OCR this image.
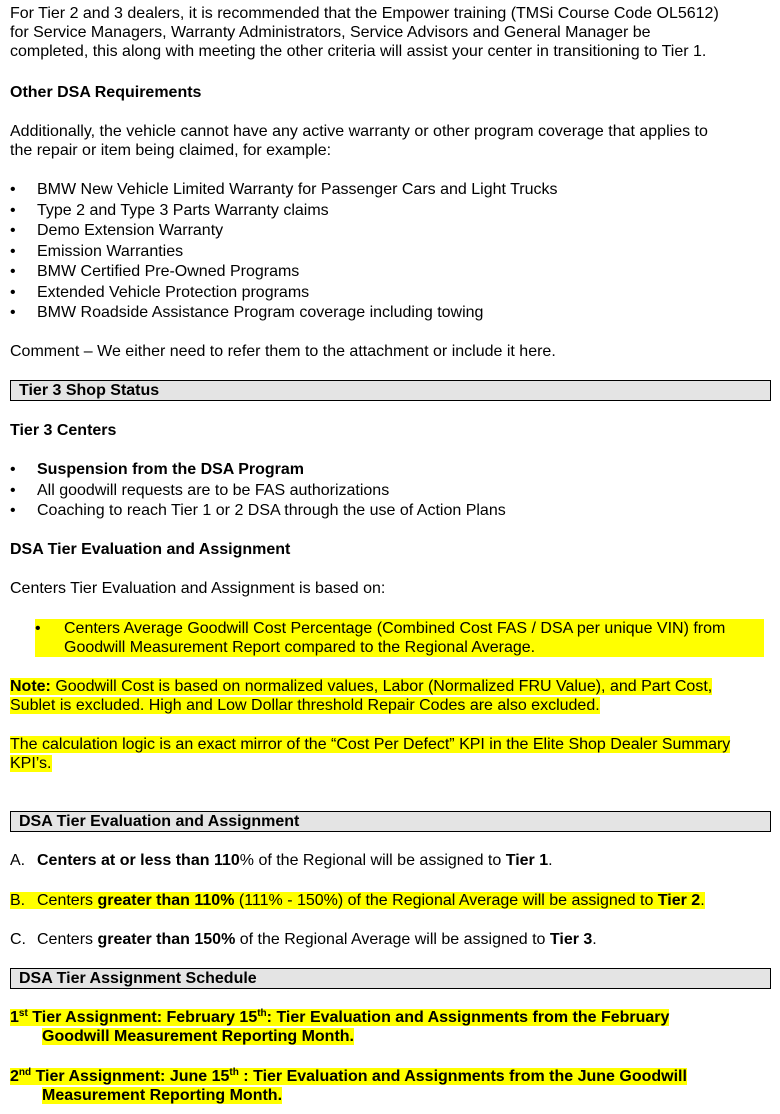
For Tier 2 and 3 dealers, it is recommended that the Empower training (TMSi Course Code OL5612)
for Service Managers, Warranty Administrators, Service Advisors and General Manager be
completed, this along with meeting the other criteria will assist your center in transitioning to Tier 1.
Other DSA Requirements
Additionally, the vehicle cannot have any active warranty or other program coverage that applies to
the repair or item being claimed, for example:
• BMW New Vehicle Limited Warranty for Passenger Cars and Light Trucks
• Type 2 and Type 3 Parts Warranty claims
• Demo Extension Warranty
• Emission Warranties
• BMW Certified Pre-Owned Programs
• Extended Vehicle Protection programs
• BMW Roadside Assistance Program coverage including towing
Comment – We either need to refer them to the attachment or include it here.
Tier 3 Shop Status
Tier 3 Centers
• Suspension from the DSA Program
• All goodwill requests are to be FAS authorizations
• Coaching to reach Tier 1 or 2 DSA through the use of Action Plans
DSA Tier Evaluation and Assignment
Centers Tier Evaluation and Assignment is based on:
• Centers Average Goodwill Cost Percentage (Combined Cost FAS / DSA per unique VIN) from
Goodwill Measurement Report compared to the Regional Average.
Note: Goodwill Cost is based on normalized values, Labor (Normalized FRU Value), and Part Cost,
Sublet is excluded. High and Low Dollar threshold Repair Codes are also excluded.
The calculation logic is an exact mirror of the “Cost Per Defect” KPI in the Elite Shop Dealer Summary
KPI’s.
DSA Tier Evaluation and Assignment
A. Centers at or less than 110% of the Regional will be assigned to Tier 1.
B. Centers greater than 110% (111% - 150%) of the Regional Average will be assigned to Tier 2.
C. Centers greater than 150% of the Regional Average will be assigned to Tier 3.
DSA Tier Assignment Schedule
1st Tier Assignment: February 15th: Tier Evaluation and Assignments from the February
Goodwill Measurement Reporting Month.
2nd Tier Assignment: June 15th : Tier Evaluation and Assignments from the June Goodwill
Measurement Reporting Month.
